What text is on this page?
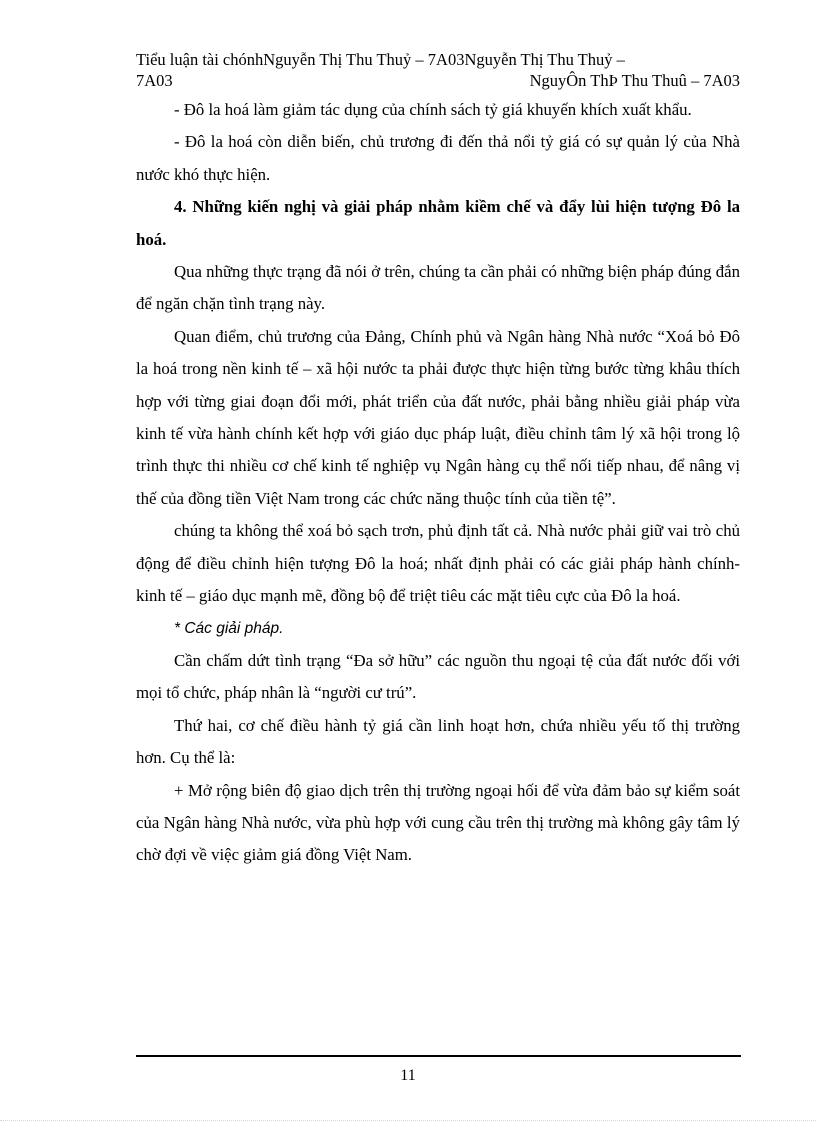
Tiểu luận tài chónhNguyễn Thị Thu Thuỷ – 7A03Nguyễn Thị Thu Thuỷ –
7A03	NguyÔn ThÞ Thu Thuû – 7A03

- Đô la hoá làm giảm tác dụng của chính sách tỷ giá khuyến khích xuất khẩu.

- Đô la hoá còn diễn biến, chủ trương đi đến thả nổi tỷ giá có sự quản lý của Nhà nước khó thực hiện.

4. Những kiến nghị và giải pháp nhằm kiềm chế và đẩy lùi hiện tượng Đô la hoá.

Qua những thực trạng đã nói ở trên, chúng ta cần phải có những biện pháp đúng đắn để ngăn chặn tình trạng này.

Quan điểm, chủ trương của Đảng, Chính phủ và Ngân hàng Nhà nước “Xoá bỏ Đô la hoá trong nền kinh tế – xã hội nước ta phải được thực hiện từng bước từng khâu thích hợp với từng giai đoạn đổi mới, phát triển của đất nước, phải bằng nhiều giải pháp vừa kinh tế vừa hành chính kết hợp với giáo dục pháp luật, điều chỉnh tâm lý xã hội trong lộ trình thực thi nhiều cơ chế kinh tế nghiệp vụ Ngân hàng cụ thể nối tiếp nhau, để nâng vị thế của đồng tiền Việt Nam trong các chức năng thuộc tính của tiền tệ”.

chúng ta không thể xoá bỏ sạch trơn, phủ định tất cả. Nhà nước phải giữ vai trò chủ động để điều chỉnh hiện tượng Đô la hoá; nhất định phải có các giải pháp hành chính- kinh tế – giáo dục mạnh mẽ, đồng bộ để triệt tiêu các mặt tiêu cực của Đô la hoá.

* Các giải pháp.

Cần chấm dứt tình trạng “Đa sở hữu” các nguồn thu ngoại tệ của đất nước đối với mọi tổ chức, pháp nhân là “người cư trú”.

Thứ hai, cơ chế điều hành tỷ giá cần linh hoạt hơn, chứa nhiều yếu tố thị trường hơn. Cụ thể là:

+ Mở rộng biên độ giao dịch trên thị trường ngoại hối để vừa đảm bảo sự kiểm soát của Ngân hàng Nhà nước, vừa phù hợp với cung cầu trên thị trường mà không gây tâm lý chờ đợi về việc giảm giá đồng Việt Nam.

11
